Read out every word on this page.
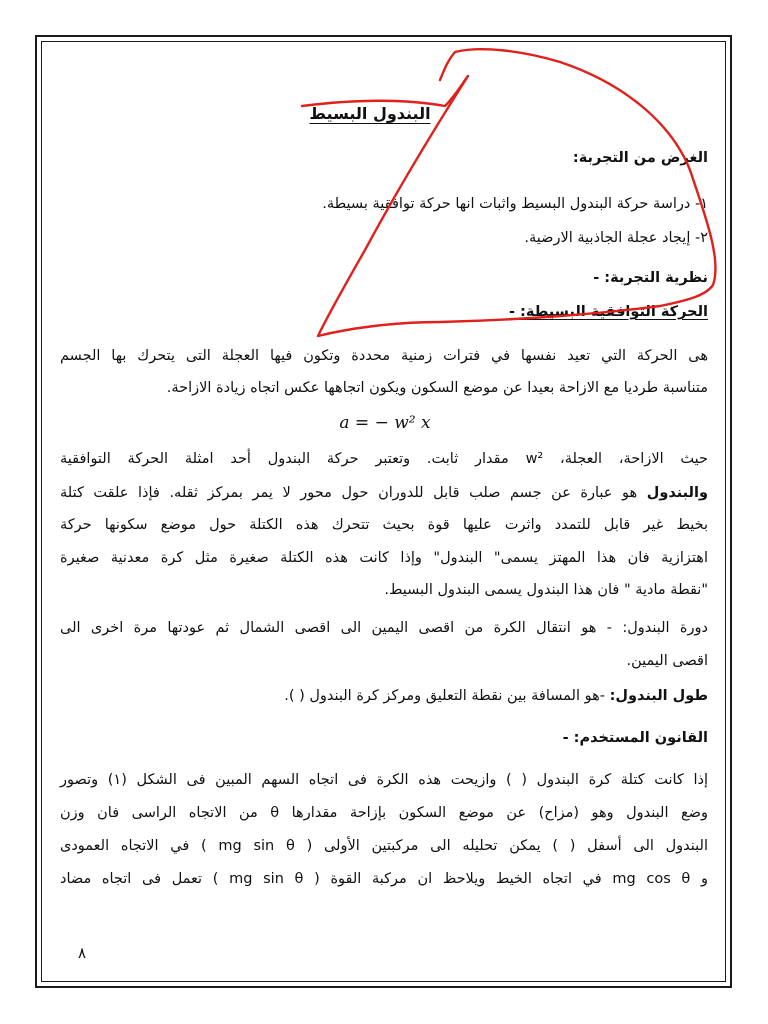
البندول البسيط

الغرض من التجربة:

١- دراسة حركة البندول البسيط واثبات انها حركة توافقية بسيطة.

٢- إيجاد عجلة الجاذبية الارضية.

نظرية التجربة: -

الحركة التوافقية البسيطة: -

هى الحركة التي تعيد نفسها في فترات زمنية محددة وتكون فيها العجلة التى يتحرك بها الجسم

متناسبة طرديا مع الازاحة بعيدا عن موضع السكون ويكون اتجاهها عكس اتجاه زيادة الازاحة.

a = − w² x

حيث الازاحة، العجلة، w² مقدار ثابت. وتعتبر حركة البندول أحد امثلة الحركة التوافقية

والبندول هو عبارة عن جسم صلب قابل للدوران حول محور لا يمر بمركز ثقله. فإذا علقت كتلة

بخيط غير قابل للتمدد واثرت عليها قوة بحيث تتحرك هذه الكتلة حول موضع سكونها حركة

اهتزازية فان هذا المهتز يسمى" البندول" وإذا كانت هذه الكتلة صغيرة مثل كرة معدنية صغيرة

"نقطة مادية " فان هذا البندول يسمى البندول البسيط.

دورة البندول: - هو انتقال الكرة من اقصى اليمين الى اقصى الشمال ثم عودتها مرة اخرى الى

اقصى اليمين.

طول البندول: -هو المسافة بين نقطة التعليق ومركز كرة البندول ( ).

القانون المستخدم: -

إذا كانت كتلة كرة البندول ( ) وازيحت هذه الكرة فى اتجاه السهم المبين فى الشكل (١) وتصور

وضع البندول وهو (مزاح) عن موضع السكون بإزاحة مقدارها θ من الاتجاه الراسى فان وزن

البندول الى أسفل ( ) يمكن تحليله الى مركبتين الأولى ( mg sin θ ) في الاتجاه العمودى

و mg cos θ في اتجاه الخيط ويلاحظ ان مركبة القوة ( mg sin θ ) تعمل فى اتجاه مضاد

٨
